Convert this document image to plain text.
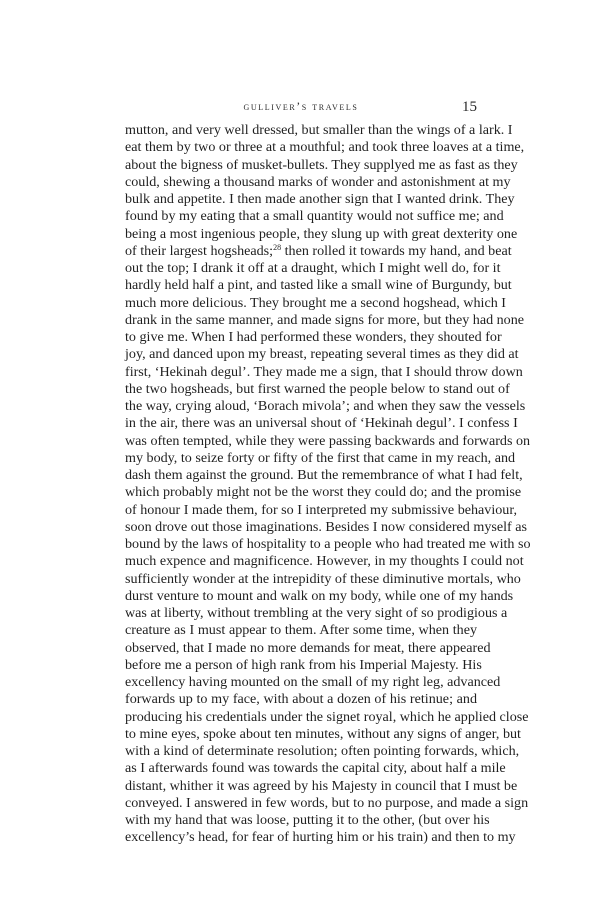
gulliver’s travels	15
mutton, and very well dressed, but smaller than the wings of a lark. I
eat them by two or three at a mouthful; and took three loaves at a time,
about the bigness of musket-bullets. They supplyed me as fast as they
could, shewing a thousand marks of wonder and astonishment at my
bulk and appetite. I then made another sign that I wanted drink. They
found by my eating that a small quantity would not suffice me; and
being a most ingenious people, they slung up with great dexterity one
of their largest hogsheads;$^{28}$ then rolled it towards my hand, and beat
out the top; I drank it off at a draught, which I might well do, for it
hardly held half a pint, and tasted like a small wine of Burgundy, but
much more delicious. They brought me a second hogshead, which I
drank in the same manner, and made signs for more, but they had none
to give me. When I had performed these wonders, they shouted for
joy, and danced upon my breast, repeating several times as they did at
first, ‘Hekinah degul’. They made me a sign, that I should throw down
the two hogsheads, but first warned the people below to stand out of
the way, crying aloud, ‘Borach mivola’; and when they saw the vessels
in the air, there was an universal shout of ‘Hekinah degul’. I confess I
was often tempted, while they were passing backwards and forwards on
my body, to seize forty or fifty of the first that came in my reach, and
dash them against the ground. But the remembrance of what I had felt,
which probably might not be the worst they could do; and the promise
of honour I made them, for so I interpreted my submissive behaviour,
soon drove out those imaginations. Besides I now considered myself as
bound by the laws of hospitality to a people who had treated me with so
much expence and magnificence. However, in my thoughts I could not
sufficiently wonder at the intrepidity of these diminutive mortals, who
durst venture to mount and walk on my body, while one of my hands
was at liberty, without trembling at the very sight of so prodigious a
creature as I must appear to them. After some time, when they
observed, that I made no more demands for meat, there appeared
before me a person of high rank from his Imperial Majesty. His
excellency having mounted on the small of my right leg, advanced
forwards up to my face, with about a dozen of his retinue; and
producing his credentials under the signet royal, which he applied close
to mine eyes, spoke about ten minutes, without any signs of anger, but
with a kind of determinate resolution; often pointing forwards, which,
as I afterwards found was towards the capital city, about half a mile
distant, whither it was agreed by his Majesty in council that I must be
conveyed. I answered in few words, but to no purpose, and made a sign
with my hand that was loose, putting it to the other, (but over his
excellency’s head, for fear of hurting him or his train) and then to my
